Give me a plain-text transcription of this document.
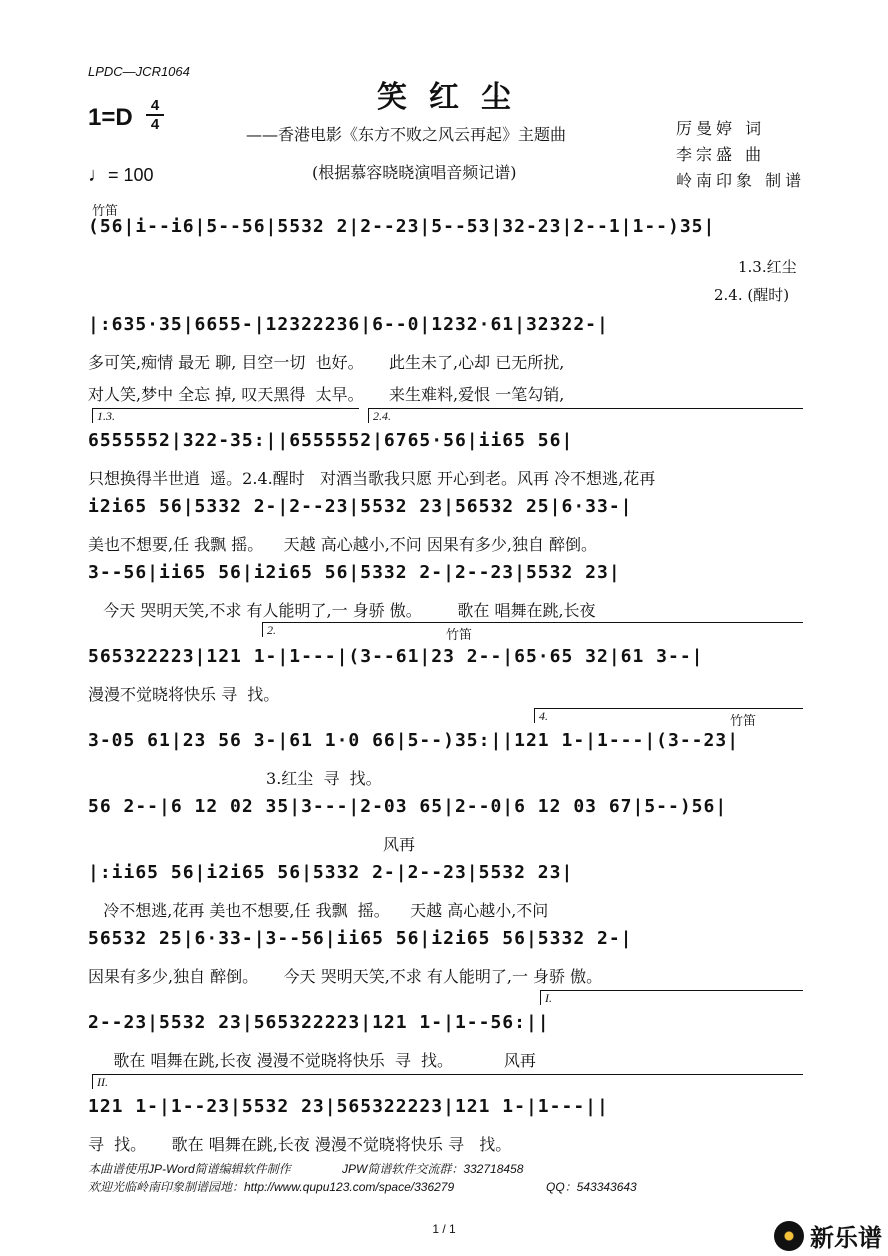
LPDC—JCR1064
笑红尘
1=D	4
4
——香港电影《东方不败之风云再起》主题曲	厉曼婷 词
李宗盛 曲
岭南印象 制谱
♩= 100	(根据慕容晓晓演唱音频记谱)
竹笛
1.3.红尘
2.4. (醒时)
1.3.	2.4.
2.	竹笛
4.	竹笛
I.
II.
(56|i--i6|5--56|5532 2|2--23|5--53|32-23|2--1|1--)35|
|:635·35|6655-|12322236|6--0|1232·61|32322-|
多可笑,痴情 最无 聊, 目空一切  也好。     此生未了,心却 已无所扰,
对人笑,梦中 全忘 掉, 叹天黑得  太早。     来生难料,爱恨 一笔勾销,
6555552|322-35:||6555552|6765·56|ii65 56|
只想换得半世逍  遥。2.4.醒时   对酒当歌我只愿 开心到老。风再 冷不想逃,花再
i2i65 56|5332 2-|2--23|5532 23|56532 25|6·33-|
美也不想要,任 我飘 摇。    天越 高心越小,不问 因果有多少,独自 醉倒。
3--56|ii65 56|i2i65 56|5332 2-|2--23|5532 23|
今天 哭明天笑,不求 有人能明了,一 身骄 傲。       歌在 唱舞在跳,长夜
565322223|121 1-|1---|(3--61|23 2--|65·65 32|61 3--|
漫漫不觉晓将快乐 寻  找。
3-05 61|23 56 3-|61 1·0 66|5--)35:||121 1-|1---|(3--23|
3.红尘  寻  找。
56 2--|6 12 02 35|3---|2-03 65|2--0|6 12 03 67|5--)56|
风再
|:ii65 56|i2i65 56|5332 2-|2--23|5532 23|
冷不想逃,花再 美也不想要,任 我飘  摇。    天越 高心越小,不问
56532 25|6·33-|3--56|ii65 56|i2i65 56|5332 2-|
因果有多少,独自 醉倒。     今天 哭明天笑,不求 有人能明了,一 身骄 傲。
2--23|5532 23|565322223|121 1-|1--56:||
歌在 唱舞在跳,长夜 漫漫不觉晓将快乐  寻  找。          风再
121 1-|1--23|5532 23|565322223|121 1-|1---||
寻  找。     歌在 唱舞在跳,长夜 漫漫不觉晓将快乐 寻   找。
本曲谱使用JP-Word简谱编辑软件制作	JPW简谱软件交流群：332718458
欢迎光临岭南印象制谱园地：http://www.qupu123.com/space/336279	QQ：543343643
1 / 1	新乐谱
